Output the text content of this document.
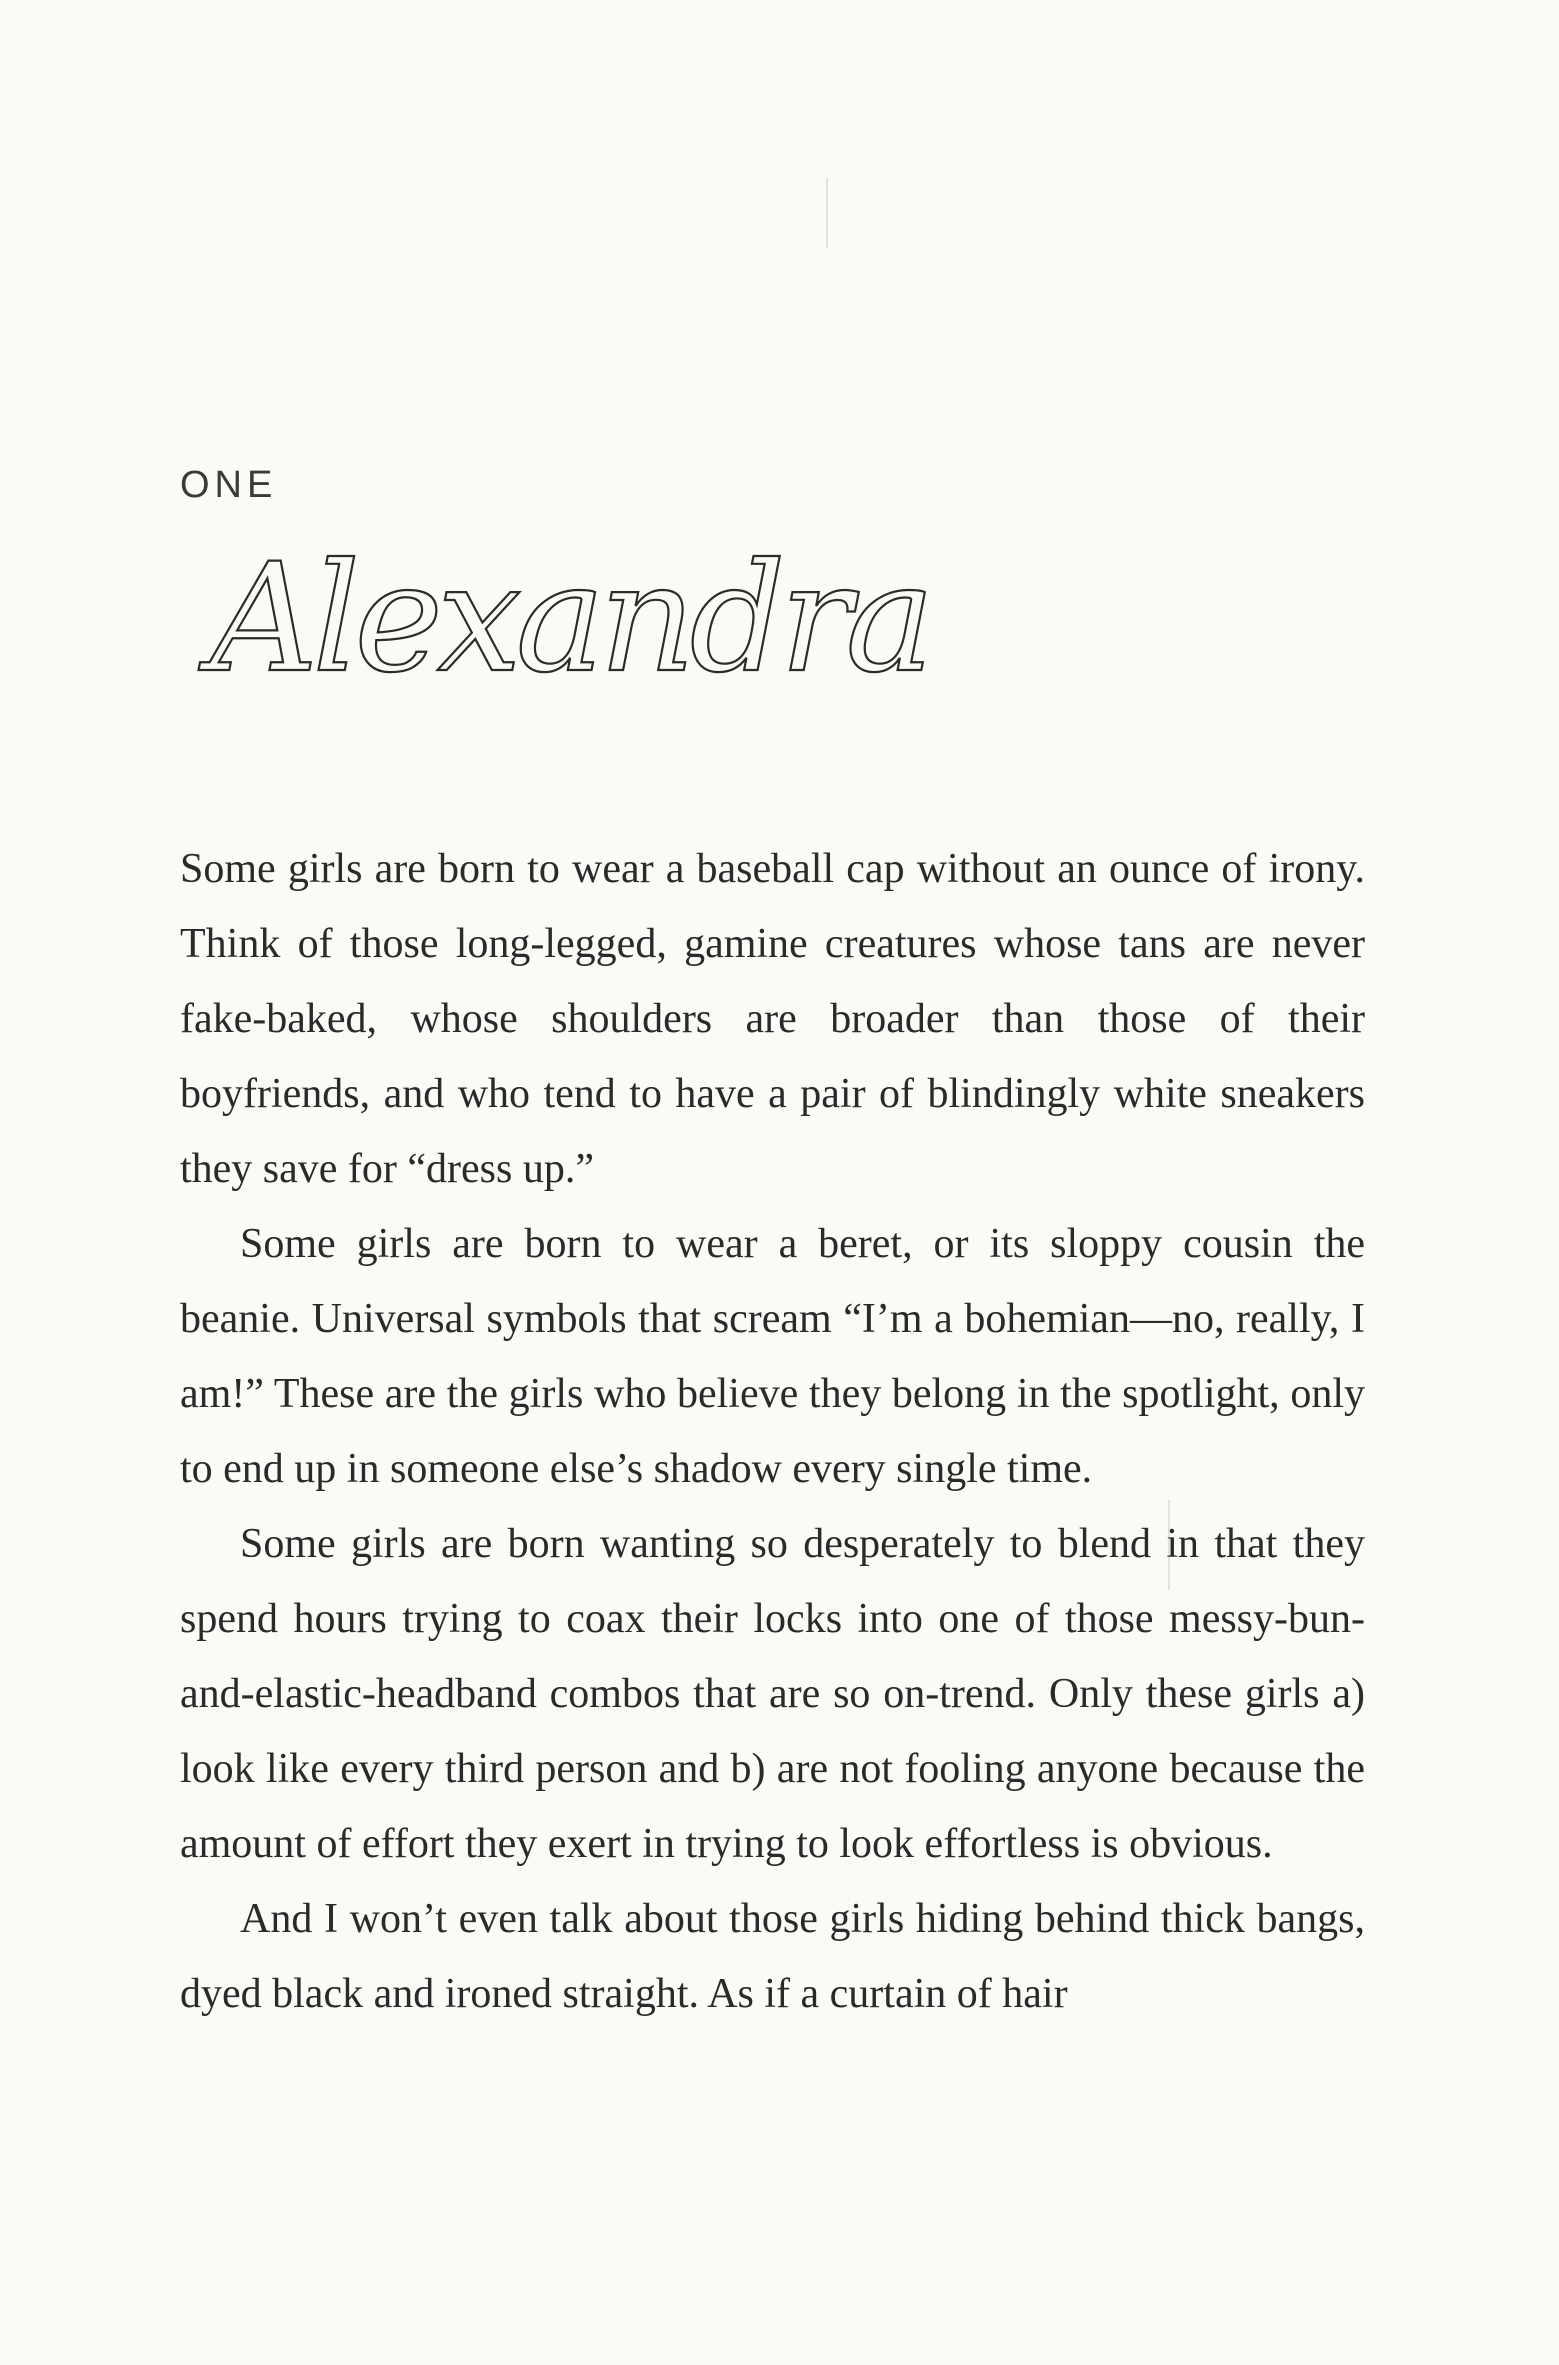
ONE
Alexandra

Some girls are born to wear a baseball cap without an ounce of irony. Think of those long-legged, gamine creatures whose tans are never fake-baked, whose shoulders are broader than those of their boyfriends, and who tend to have a pair of blindingly white sneakers they save for “dress up.”

Some girls are born to wear a beret, or its sloppy cousin the beanie. Universal symbols that scream “I’m a bohemian—no, really, I am!” These are the girls who believe they belong in the spotlight, only to end up in someone else’s shadow every single time.

Some girls are born wanting so desperately to blend in that they spend hours trying to coax their locks into one of those messy-bun-and-elastic-headband combos that are so on-trend. Only these girls a) look like every third person and b) are not fooling anyone because the amount of effort they exert in trying to look effortless is obvious.

And I won’t even talk about those girls hiding behind thick bangs, dyed black and ironed straight. As if a curtain of hair
